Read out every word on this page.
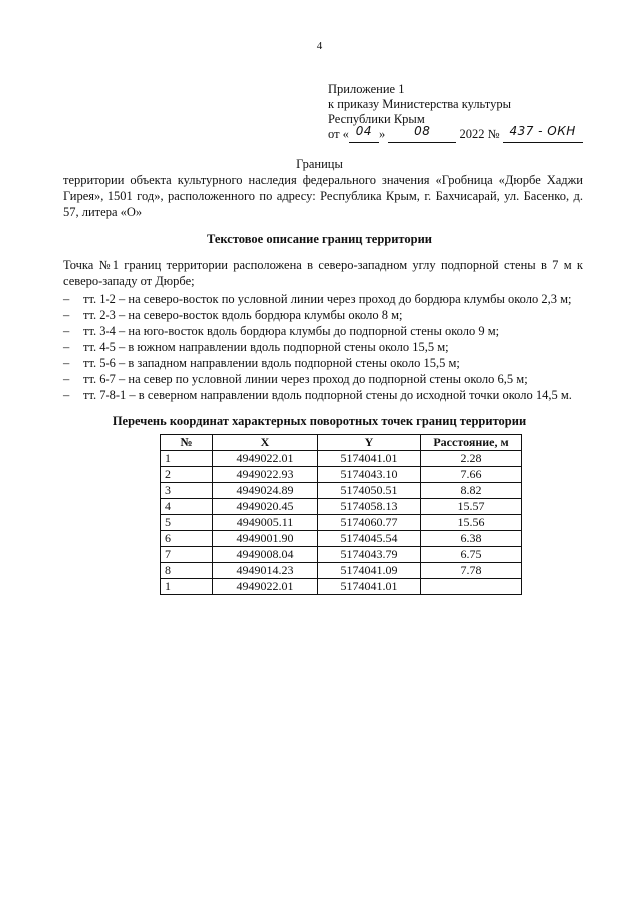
4
Приложение 1
к приказу Министерства культуры
Республики Крым
от « 04 » 08 2022 № 437 - ОКН
Границы
территории объекта культурного наследия федерального значения «Гробница «Дюрбе Хаджи Гирея», 1501 год», расположенного по адресу: Республика Крым, г. Бахчисарай, ул. Басенко, д. 57, литера «О»
Текстовое описание границ территории
Точка №1 границ территории расположена в северо-западном углу подпорной стены в 7 м к северо-западу от Дюрбе;
– тт. 1-2 – на северо-восток по условной линии через проход до бордюра клумбы около 2,3 м;
– тт. 2-3 – на северо-восток вдоль бордюра клумбы около 8 м;
– тт. 3-4 – на юго-восток вдоль бордюра клумбы до подпорной стены около 9 м;
– тт. 4-5 – в южном направлении вдоль подпорной стены около 15,5 м;
– тт. 5-6 – в западном направлении вдоль подпорной стены около 15,5 м;
– тт. 6-7 – на север по условной линии через проход до подпорной стены около 6,5 м;
– тт. 7-8-1 – в северном направлении вдоль подпорной стены до исходной точки около 14,5 м.
Перечень координат характерных поворотных точек границ территории
№	X	Y	Расстояние, м
1	4949022.01	5174041.01	2.28
2	4949022.93	5174043.10	7.66
3	4949024.89	5174050.51	8.82
4	4949020.45	5174058.13	15.57
5	4949005.11	5174060.77	15.56
6	4949001.90	5174045.54	6.38
7	4949008.04	5174043.79	6.75
8	4949014.23	5174041.09	7.78
1	4949022.01	5174041.01	
